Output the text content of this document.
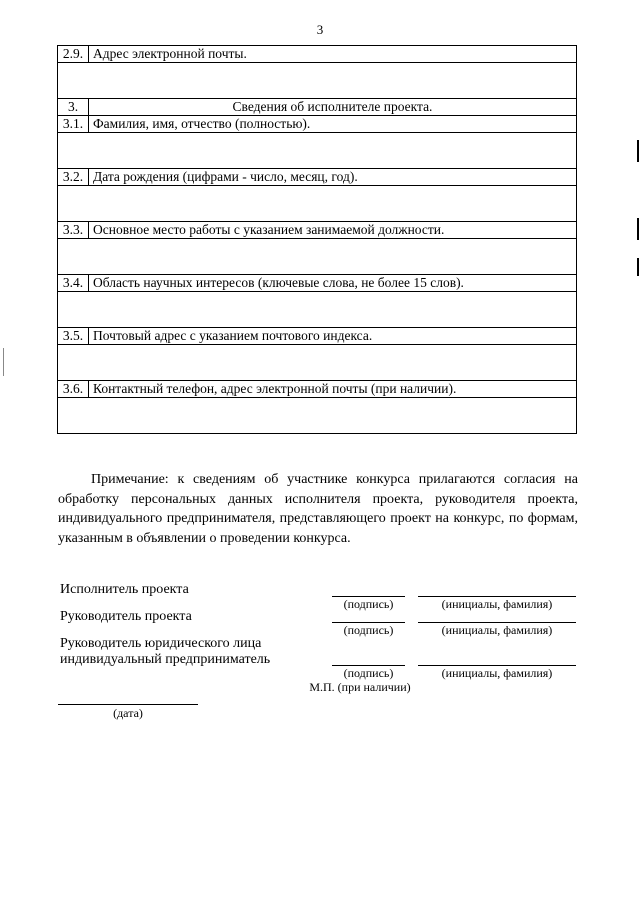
3
2.9.	Адрес электронной почты.

3.	Сведения об исполнителе проекта.
3.1.	Фамилия, имя, отчество (полностью).

3.2.	Дата рождения (цифрами - число, месяц, год).

3.3.	Основное место работы с указанием занимаемой должности.

3.4.	Область научных интересов (ключевые слова, не более 15 слов).

3.5.	Почтовый адрес с указанием почтового индекса.

3.6.	Контактный телефон, адрес электронной почты (при наличии).

Примечание: к сведениям об участнике конкурса прилагаются согласия на обработку персональных данных исполнителя проекта, руководителя проекта, индивидуального предпринимателя, представляющего проект на конкурс, по формам, указанным в объявлении о проведении конкурса.

Исполнитель проекта
(подпись)	(инициалы, фамилия)
Руководитель проекта
(подпись)	(инициалы, фамилия)
Руководитель юридического лица
индивидуальный предприниматель
(подпись)	(инициалы, фамилия)
М.П. (при наличии)
(дата)
